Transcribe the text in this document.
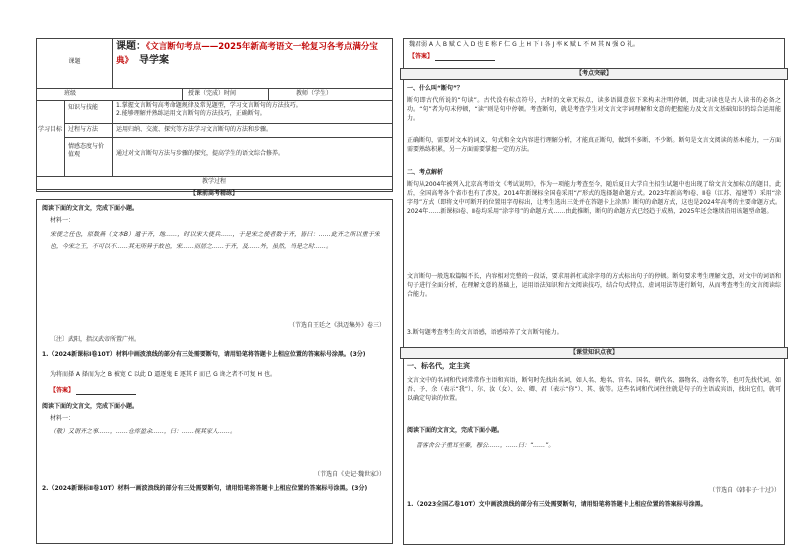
课题
课题：《文言断句考点——2025年新高考语文一轮复习各考点满分宝典》 导学案
班级	授课（完成）时间	教师（学生）
学习目标
知识与技能	1.掌握文言断句高考命题规律及常见题型，学习文言断句的方法技巧。
2.能够理解并熟练运用文言断句的方法技巧，正确断句。
过程与方法	运用归纳、交流、探究等方法学习文言断句的方法和步骤。
情感态度与价值观	通过对文言断句方法与步骤的探究，提高学生的语文综合修养。
教学过程
【课前高考精练】
阅读下面的文言文，完成下面小题。
材料一：
宋使之任也，原数燕（文本B）遣于齐，地……，时以宋大使兵……，于是宋之使者数于齐，皆曰：……此齐之所以重于宋也，今宋之王，不可以不……其无所异于故也，宋……而居之……于齐，及……外，虽然，当是之时……。
（节选自王廷之《洪迈集外》卷三）
〔注〕武阳，指汉武帝所置广州。
1.（2024新课标Ⅰ卷10T）材料中画波浪线的部分有三处需要断句，请用铅笔将答题卡上相应位置的答案标号涂黑。(3分)
为将而择 A 择而为之 B 被宽 C 以此 D 逼逐鬼 E 逐其 F 而已 G 谗之者不可复 H 也。
【答案】
阅读下面的文言文，完成下面小题。
材料一：
（敬）又谓齐之事……，……仓库盈余……，曰：……视其家人……。
（节选自《史记·魏世家》）
2.（2024新课标Ⅱ卷10T）材料一画波浪线的部分有三处需要断句，请用铅笔将答题卡上相应位置的答案标号涂黑。(3分)
魏君弱 A 人 B 赋 C 入 D 也 E 称 F 仁 G 上 H 下 I 各 J 率 K 赋 L 不 M 其 N 强 O 礼。
【答案】
【考点突破】
一、什么叫“断句”？
断句即古代所说的“句读”。古代没有标点符号，古时的文章无标点，读多语圆意依下来构未注明停顿，因此习读也是古人读书的必备之功。“句”者为句末停顿，“读”则是句中停顿。考查断句，就是考查学生对文言文字词理解和文意的把握能力及文言文基础知识的综合运用能力。
正确断句，需要对文本的词义、句式和全文内容进行理解分析，才能真正断句，做到不多断、不少断。断句是文言文阅读的基本能力，一方面需要熟练积累，另一方面需要掌握一定的方法。
二、考点解析
断句从2004年被列入北京高考语文《考试说明》，作为一项能力考查至今，随后夏日大学自主招生试题中也出现了给文言文加标点的题目，此后，全国高考各个省市也有了涉及。2014年新课标全国卷采用“/”形式的选择题命题方式。2023年新高考Ⅰ卷、Ⅱ卷（江苏、福建等）采用“涂字母”方式（即将文中可断开的位置用字母标出，让考生选出三处并在答题卡上涂黑）断句的命题方式，这也是2024年高考的主要命题方式。2024年……新课标Ⅰ卷、Ⅱ卷均采用“涂字母”的命题方式……由此推断，断句的命题方式已经趋于成熟，2025年还会继续沿用该题型命题。
文言断句一般选取篇幅不长，内容相对完整的一段话，要求用斜杠或涂字母的方式标出句子的停顿。断句要求考生理解文意，对文中的词语和句子进行全面分析，在理解文意的基础上，运用语法知识和古文阅读技巧，结合句式特点、虚词用法等进行断句，从而考查考生的文言阅读综合能力。
3.断句题考查考生的文言语感，语感培养了文言断句能力。
【课堂知识点夜】
一、标名代，定主宾
文言文中的名词和代词常常作主语和宾语，断句时先找出名词，如人名、地名、官名、国名、朝代名、器物名、动物名等，也可先找代词，如吾、予、余（表示“我”）、尔、汝（女）、公、卿、君（表示“你”）、其、彼等。这些名词和代词往往就是句子的主语或宾语，找出它们，就可以确定句读的位置。
阅读下面的文言文，完成下面小题。
晋客舍公子重耳至秦，穆公……，……曰：“……”。
（节选自《韩非子·十过》）
1.（2023全国乙卷10T）文中画波浪线的部分有三处需要断句，请用铅笔将答题卡上相应位置的答案标号涂黑。
